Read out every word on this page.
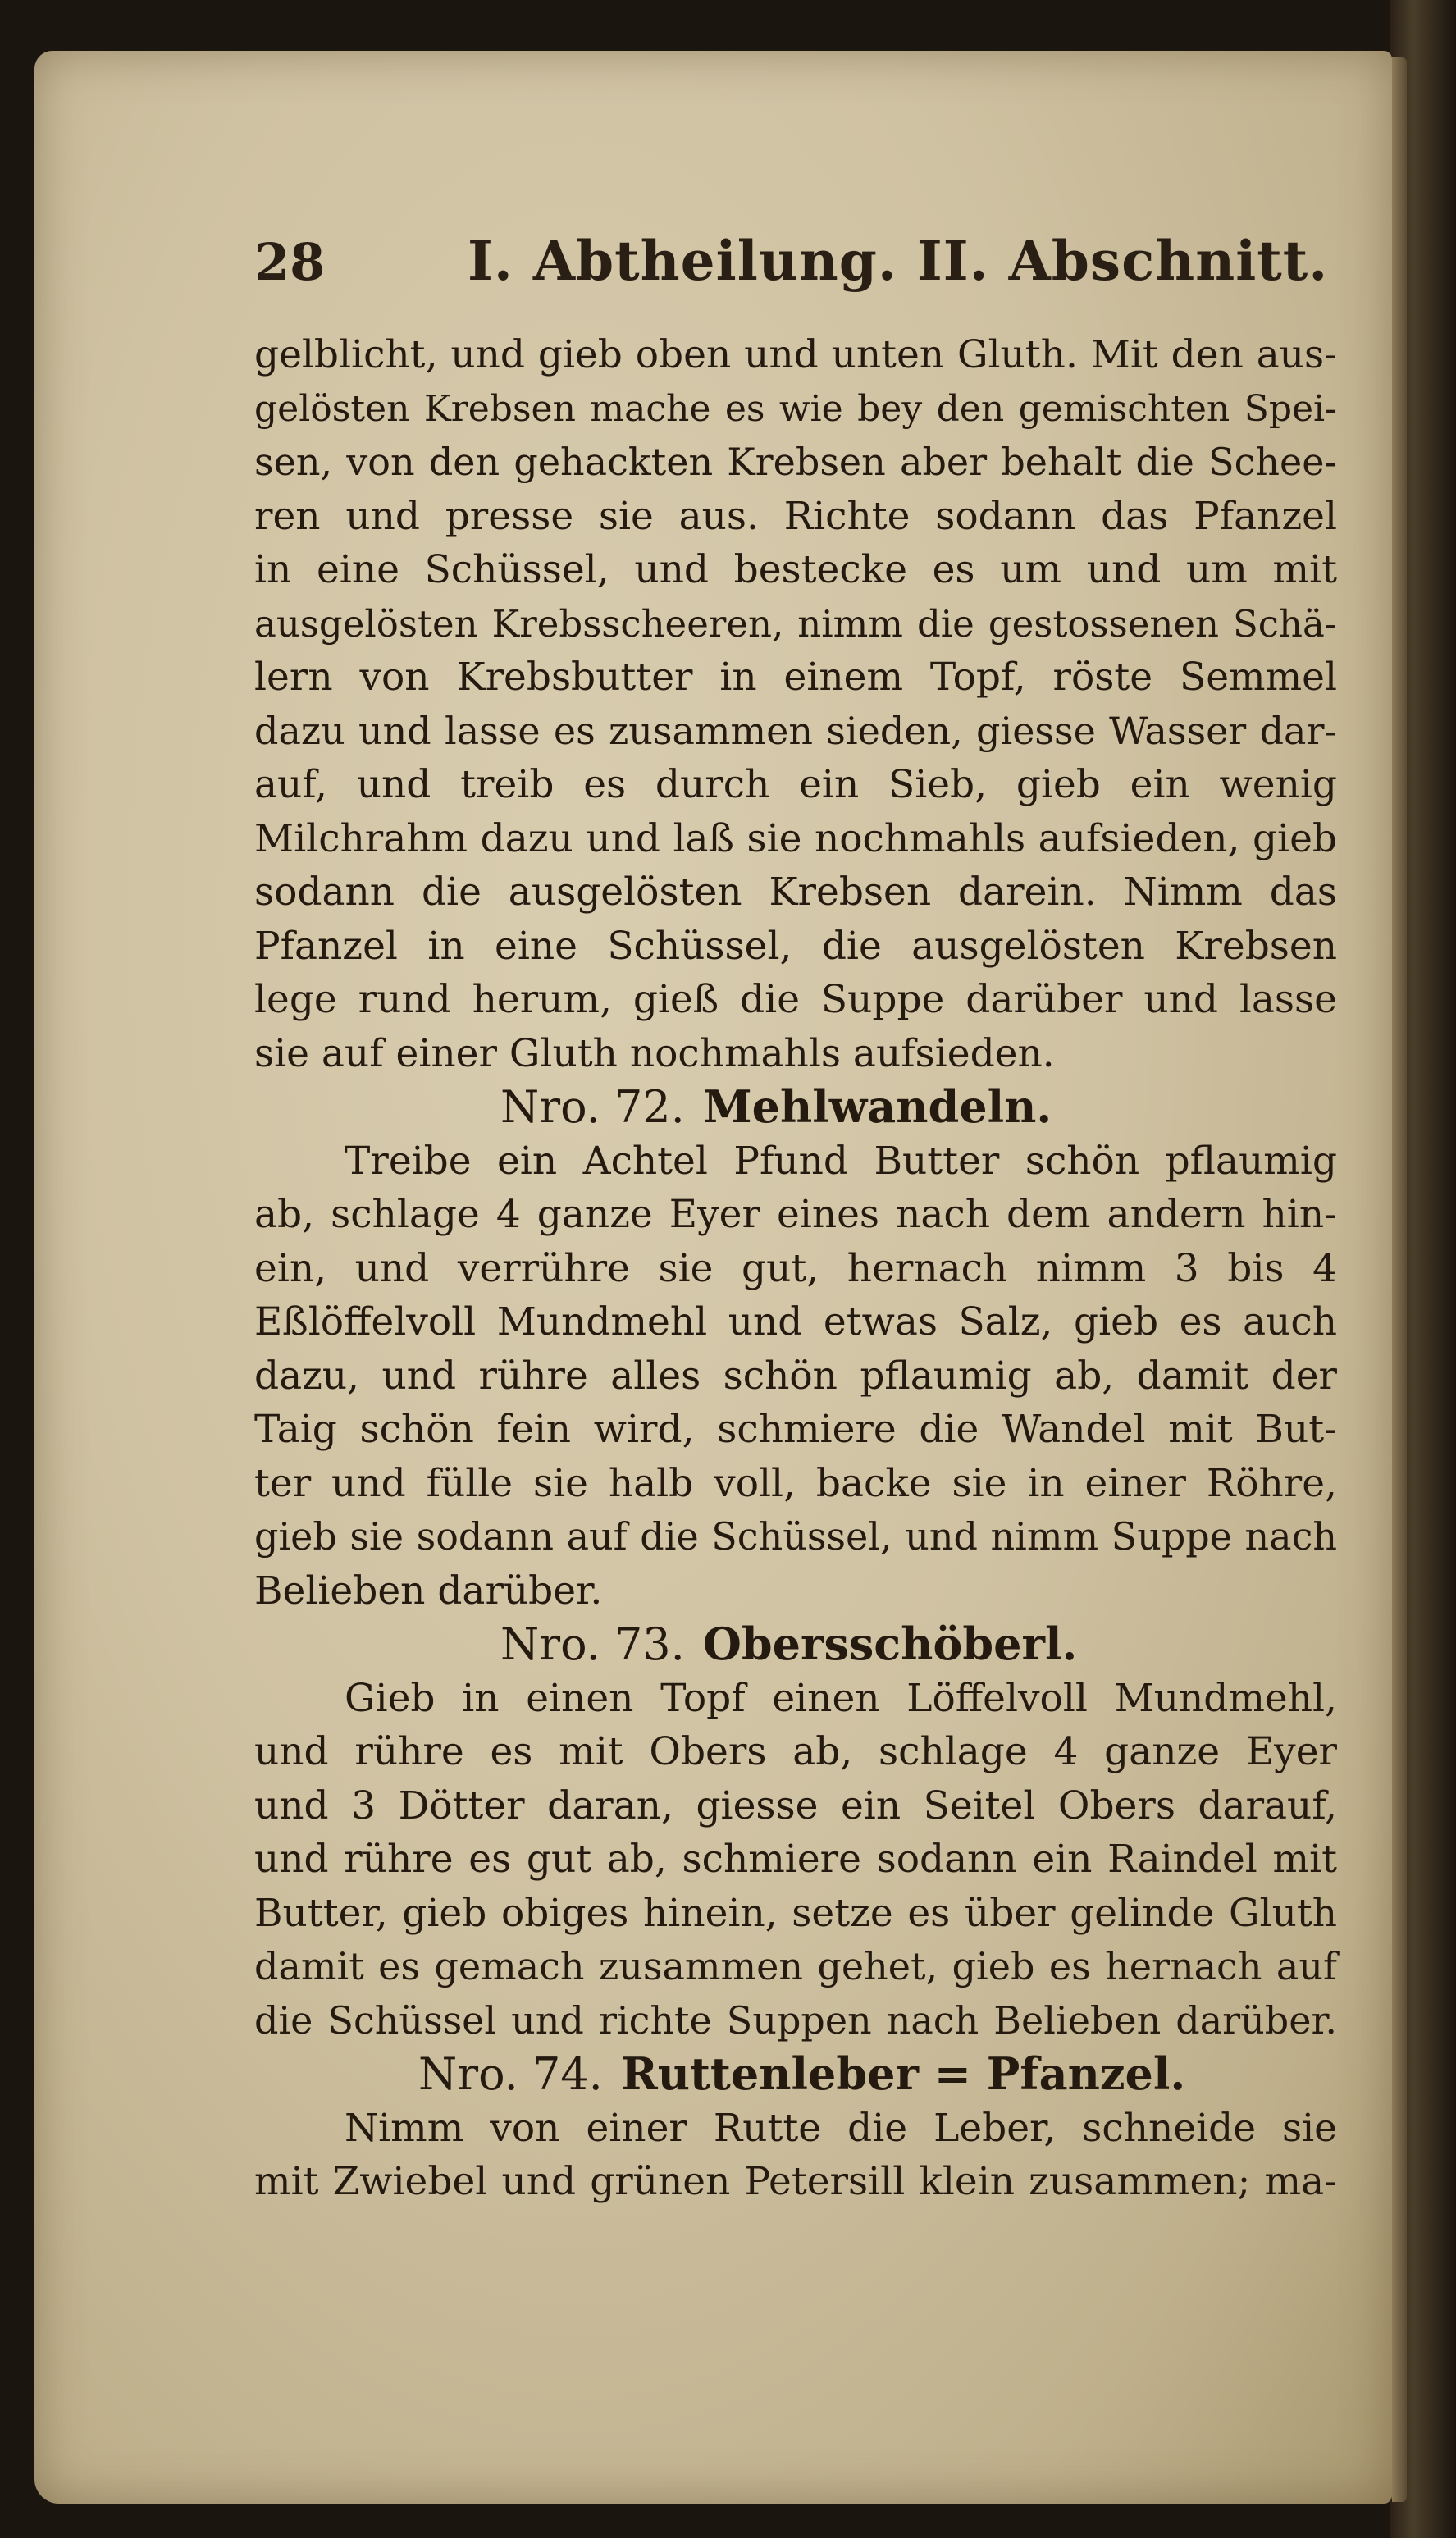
28	I. Abtheilung. II. Abschnitt.
gelblicht, und gieb oben und unten Gluth. Mit den aus-
gelösten Krebsen mache es wie bey den gemischten Spei-
sen, von den gehackten Krebsen aber behalt die Schee-
ren und presse sie aus. Richte sodann das Pfanzel
in eine Schüssel, und bestecke es um und um mit
ausgelösten Krebsscheeren, nimm die gestossenen Schä-
lern von Krebsbutter in einem Topf, röste Semmel
dazu und lasse es zusammen sieden, giesse Wasser dar-
auf, und treib es durch ein Sieb, gieb ein wenig
Milchrahm dazu und laß sie nochmahls aufsieden, gieb
sodann die ausgelösten Krebsen darein. Nimm das
Pfanzel in eine Schüssel, die ausgelösten Krebsen
lege rund herum, gieß die Suppe darüber und lasse
sie auf einer Gluth nochmahls aufsieden.
Nro. 72. Mehlwandeln.
Treibe ein Achtel Pfund Butter schön pflaumig
ab, schlage 4 ganze Eyer eines nach dem andern hin-
ein, und verrühre sie gut, hernach nimm 3 bis 4
Eßlöffelvoll Mundmehl und etwas Salz, gieb es auch
dazu, und rühre alles schön pflaumig ab, damit der
Taig schön fein wird, schmiere die Wandel mit But-
ter und fülle sie halb voll, backe sie in einer Röhre,
gieb sie sodann auf die Schüssel, und nimm Suppe nach
Belieben darüber.
Nro. 73. Obersschöberl.
Gieb in einen Topf einen Löffelvoll Mundmehl,
und rühre es mit Obers ab, schlage 4 ganze Eyer
und 3 Dötter daran, giesse ein Seitel Obers darauf,
und rühre es gut ab, schmiere sodann ein Raindel mit
Butter, gieb obiges hinein, setze es über gelinde Gluth
damit es gemach zusammen gehet, gieb es hernach auf
die Schüssel und richte Suppen nach Belieben darüber.
Nro. 74. Ruttenleber = Pfanzel.
Nimm von einer Rutte die Leber, schneide sie
mit Zwiebel und grünen Petersill klein zusammen; ma-
